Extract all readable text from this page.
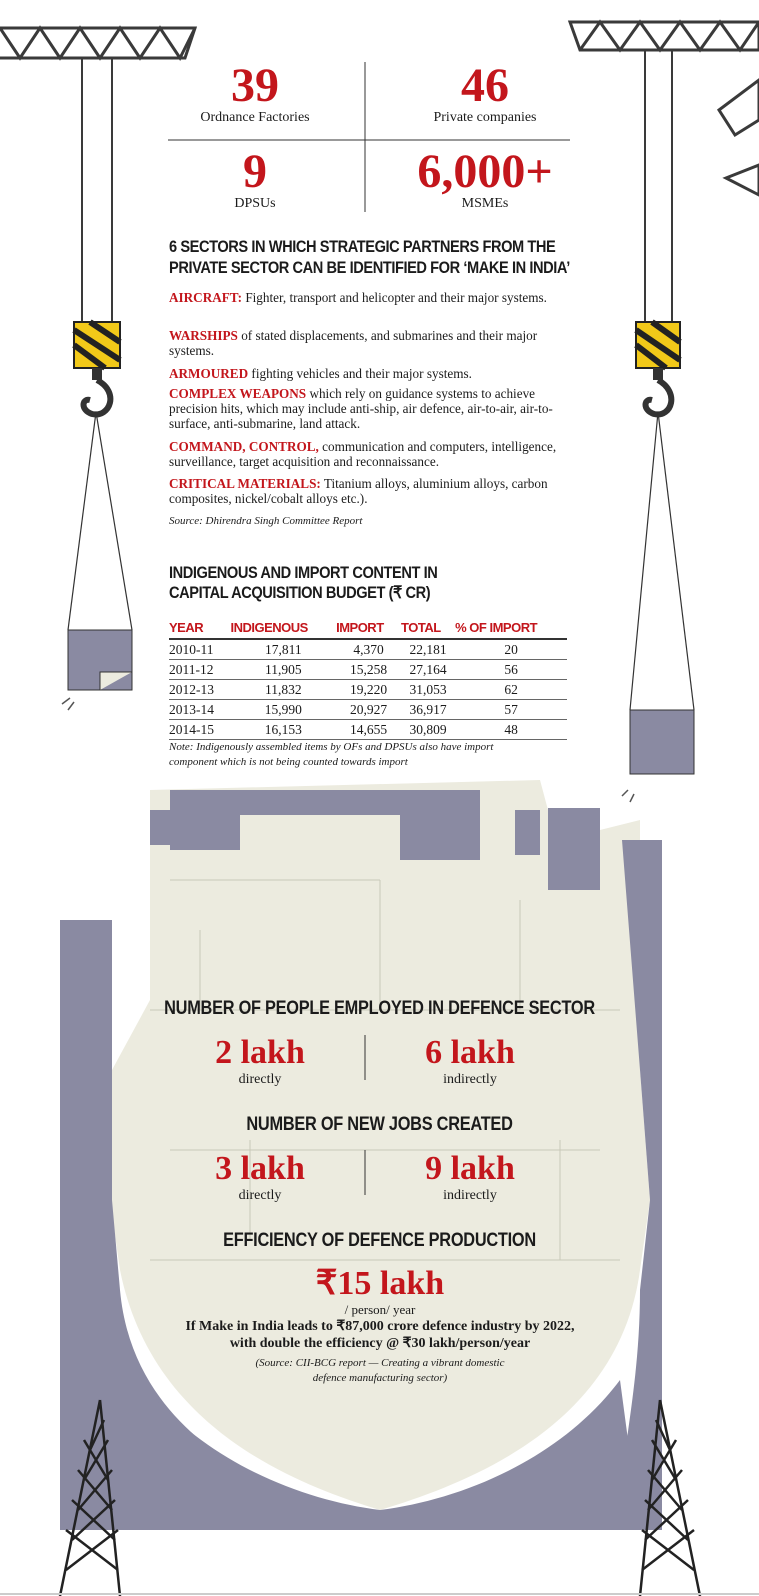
39
Ordnance Factories
46
Private companies
9
DPSUs
6,000+
MSMEs
6 SECTORS IN WHICH STRATEGIC PARTNERS FROM THE
PRIVATE SECTOR CAN BE IDENTIFIED FOR ‘MAKE IN INDIA’
AIRCRAFT: Fighter, transport and helicopter and their major systems.
WARSHIPS of stated displacements, and submarines and their major systems.
ARMOURED fighting vehicles and their major systems.
COMPLEX WEAPONS which rely on guidance systems to achieve precision hits, which may include anti-ship, air defence, air-to-air, air-to-surface, anti-submarine, land attack.
COMMAND, CONTROL, communication and computers, intelligence, surveillance, target acquisition and reconnaissance.
CRITICAL MATERIALS: Titanium alloys, aluminium alloys, carbon composites, nickel/cobalt alloys etc.).
Source: Dhirendra Singh Committee Report
INDIGENOUS AND IMPORT CONTENT IN
CAPITAL ACQUISITION BUDGET (₹ CR)
YEAR	INDIGENOUS	IMPORT	TOTAL	% OF IMPORT
2010-11	17,811	4,370	22,181	20
2011-12	11,905	15,258	27,164	56
2012-13	11,832	19,220	31,053	62
2013-14	15,990	20,927	36,917	57
2014-15	16,153	14,655	30,809	48
Note: Indigenously assembled items by OFs and DPSUs also have import
component which is not being counted towards import
NUMBER OF PEOPLE EMPLOYED IN DEFENCE SECTOR
2 lakh
directly
6 lakh
indirectly
NUMBER OF NEW JOBS CREATED
3 lakh
directly
9 lakh
indirectly
EFFICIENCY OF DEFENCE PRODUCTION
₹15 lakh
/ person/ year
If Make in India leads to ₹87,000 crore defence industry by 2022,
with double the efficiency @ ₹30 lakh/person/year
(Source: CII-BCG report — Creating a vibrant domestic
defence manufacturing sector)
